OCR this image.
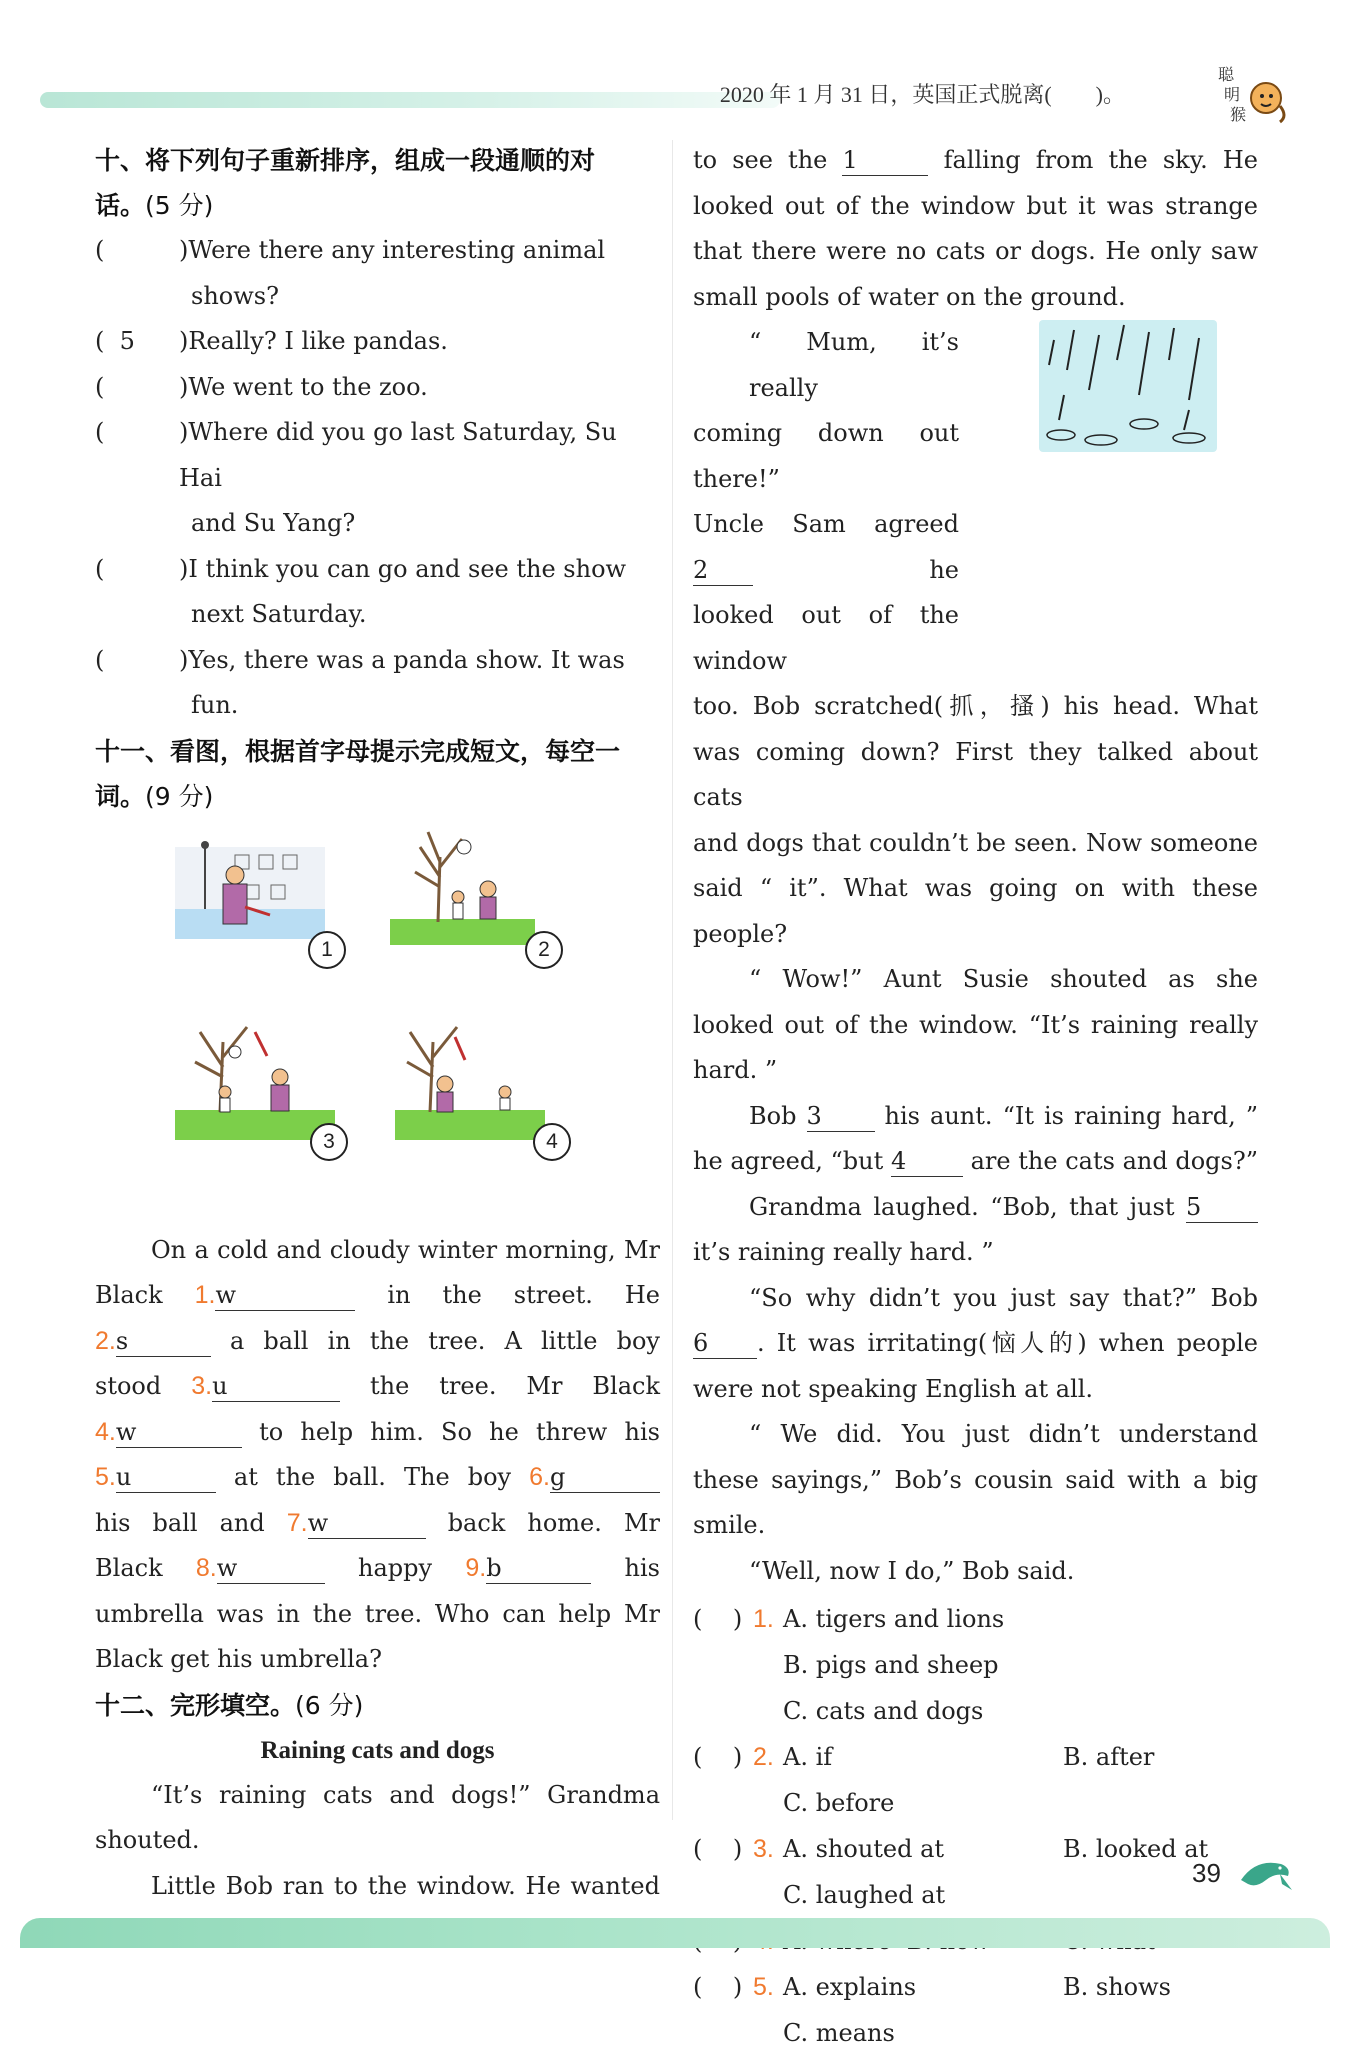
2020 年 1 月 31 日，英国正式脱离(　　)。
聪
明
猴
十、将下列句子重新排序，组成一段通顺的对
话。(5 分)
(	)Were there any interesting animal
shows?
(  5	)Really? I like pandas.
(	)We went to the zoo.
(	)Where did you go last Saturday, Su Hai
and Su Yang?
(	)I think you can go and see the show
next Saturday.
(	)Yes, there was a panda show. It was
fun.
十一、看图，根据首字母提示完成短文，每空一
词。(9 分)
1	2
3	4
On a cold and cloudy winter morning, Mr
Black 1.w	in the street. He
2.s	a ball in the tree. A little boy
stood 3.u	the tree. Mr Black
4.w	to help him. So he threw his
5.u	at the ball. The boy 6.g
his ball and 7.w	back home. Mr
Black 8.w	happy 9.b	his
umbrella was in the tree. Who can help Mr
Black get his umbrella?
十二、完形填空。(6 分)
Raining cats and dogs
“It’s raining cats and dogs!” Grandma
shouted.
Little Bob ran to the window. He wanted
to see the 1	falling from the sky. He
looked out of the window but it was strange
that there were no cats or dogs. He only saw
small pools of water on the ground.
“ Mum, it’s really
coming down out there!”
Uncle Sam agreed 2	he
looked out of the window
too. Bob scratched(抓，搔) his head. What
was coming down? First they talked about cats
and dogs that couldn’t be seen. Now someone
said “ it”. What was going on with these
people?
“ Wow!” Aunt Susie shouted as she
looked out of the window. “It’s raining really
hard. ”
Bob 3	his aunt. “It is raining hard, ”
he agreed, “but 4	are the cats and dogs?”
Grandma laughed. “Bob, that just 5
it’s raining really hard. ”
“So why didn’t you just say that?” Bob
6 . It was irritating(恼人的) when people
were not speaking English at all.
“ We did. You just didn’t understand
these sayings,” Bob’s cousin said with a big
smile.
“Well, now I do,” Bob said.
(    ) 1. A. tigers and lions
B. pigs and sheep
C. cats and dogs
(    ) 2. A. if	B. after
C. before
(    ) 3. A. shouted at	B. looked at
C. laughed at
(    ) 5. A. explains	B. shows
C. means
39
